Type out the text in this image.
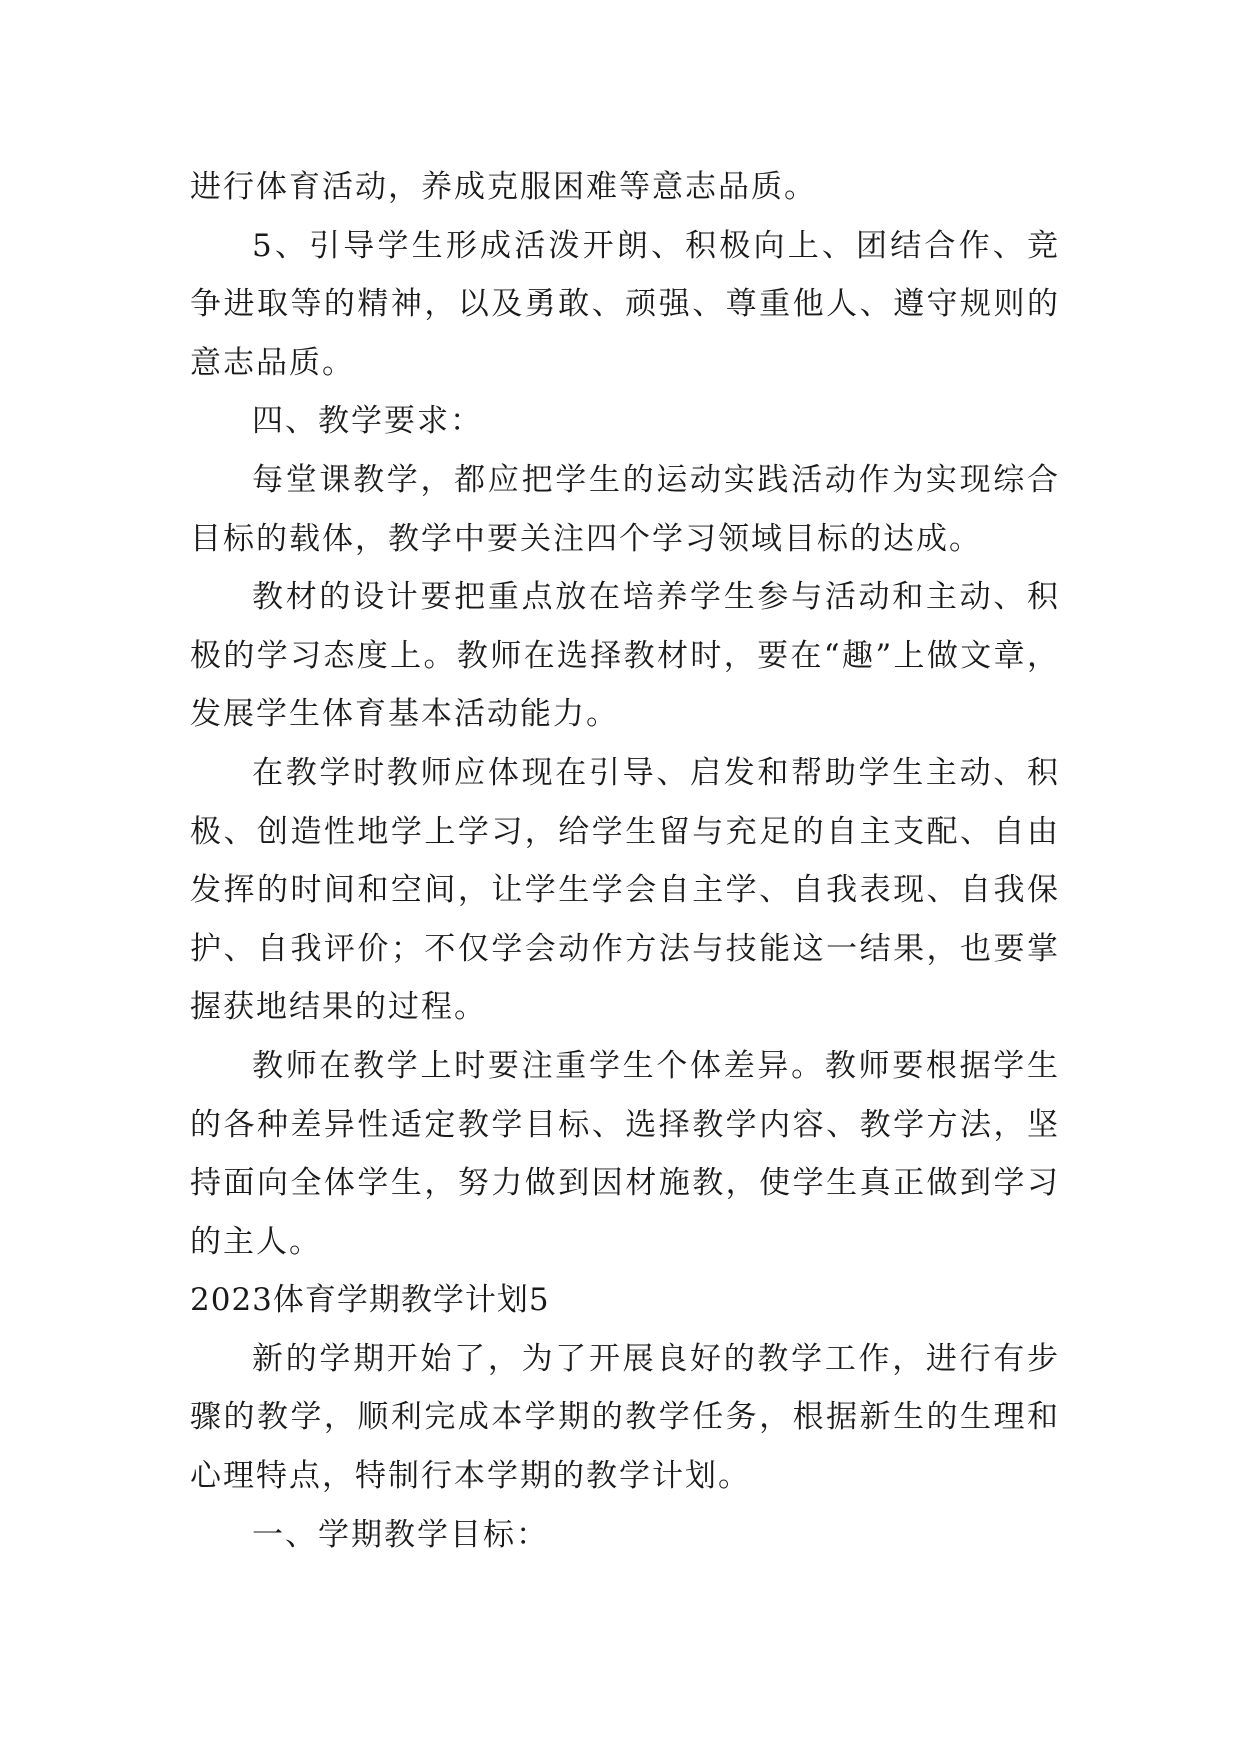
进行体育活动，养成克服困难等意志品质。

5、引导学生形成活泼开朗、积极向上、团结合作、竞争进取等的精神，以及勇敢、顽强、尊重他人、遵守规则的意志品质。

四、教学要求：

每堂课教学，都应把学生的运动实践活动作为实现综合目标的载体，教学中要关注四个学习领域目标的达成。

教材的设计要把重点放在培养学生参与活动和主动、积极的学习态度上。教师在选择教材时，要在“趣”上做文章，发展学生体育基本活动能力。

在教学时教师应体现在引导、启发和帮助学生主动、积极、创造性地学上学习，给学生留与充足的自主支配、自由发挥的时间和空间，让学生学会自主学、自我表现、自我保护、自我评价；不仅学会动作方法与技能这一结果，也要掌握获地结果的过程。

教师在教学上时要注重学生个体差异。教师要根据学生的各种差异性适定教学目标、选择教学内容、教学方法，坚持面向全体学生，努力做到因材施教，使学生真正做到学习的主人。

2023体育学期教学计划5

新的学期开始了，为了开展良好的教学工作，进行有步骤的教学，顺利完成本学期的教学任务，根据新生的生理和心理特点，特制行本学期的教学计划。

一、学期教学目标：
